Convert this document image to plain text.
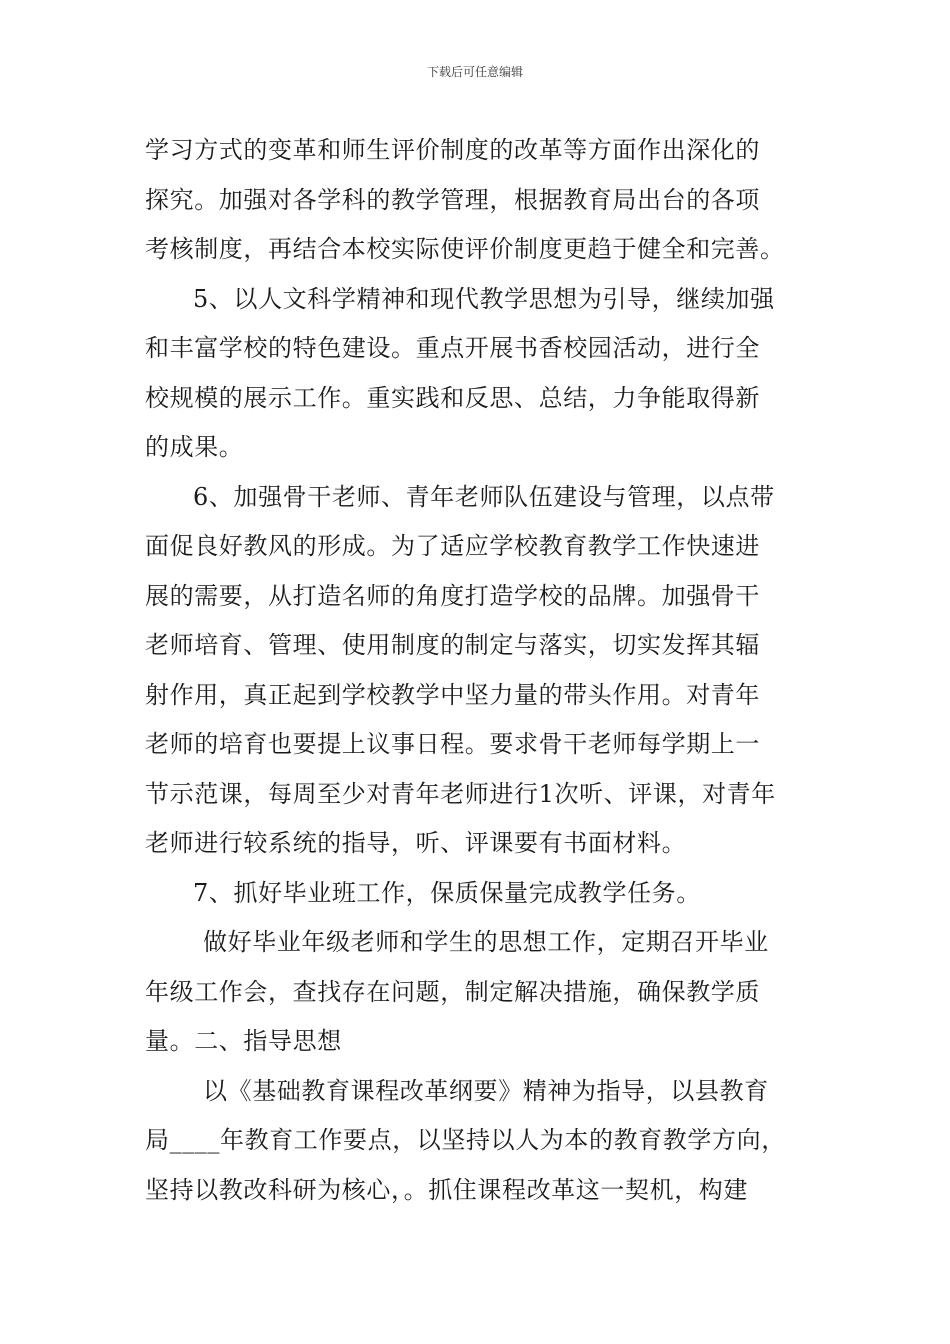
下载后可任意编辑
学习方式的变革和师生评价制度的改革等方面作出深化的
探究。加强对各学科的教学管理，根据教育局出台的各项
考核制度，再结合本校实际使评价制度更趋于健全和完善。
5、以人文科学精神和现代教学思想为引导，继续加强
和丰富学校的特色建设。重点开展书香校园活动，进行全
校规模的展示工作。重实践和反思、总结，力争能取得新
的成果。
6、加强骨干老师、青年老师队伍建设与管理，以点带
面促良好教风的形成。为了适应学校教育教学工作快速进
展的需要，从打造名师的角度打造学校的品牌。加强骨干
老师培育、管理、使用制度的制定与落实，切实发挥其辐
射作用，真正起到学校教学中坚力量的带头作用。对青年
老师的培育也要提上议事日程。要求骨干老师每学期上一
节示范课，每周至少对青年老师进行1次听、评课，对青年
老师进行较系统的指导，听、评课要有书面材料。
7、抓好毕业班工作，保质保量完成教学任务。
做好毕业年级老师和学生的思想工作，定期召开毕业
年级工作会，查找存在问题，制定解决措施，确保教学质
量。二、指导思想
以《基础教育课程改革纲要》精神为指导，以县教育
局____年教育工作要点，以坚持以人为本的教育教学方向，
坚持以教改科研为核心，。抓住课程改革这一契机，构建
